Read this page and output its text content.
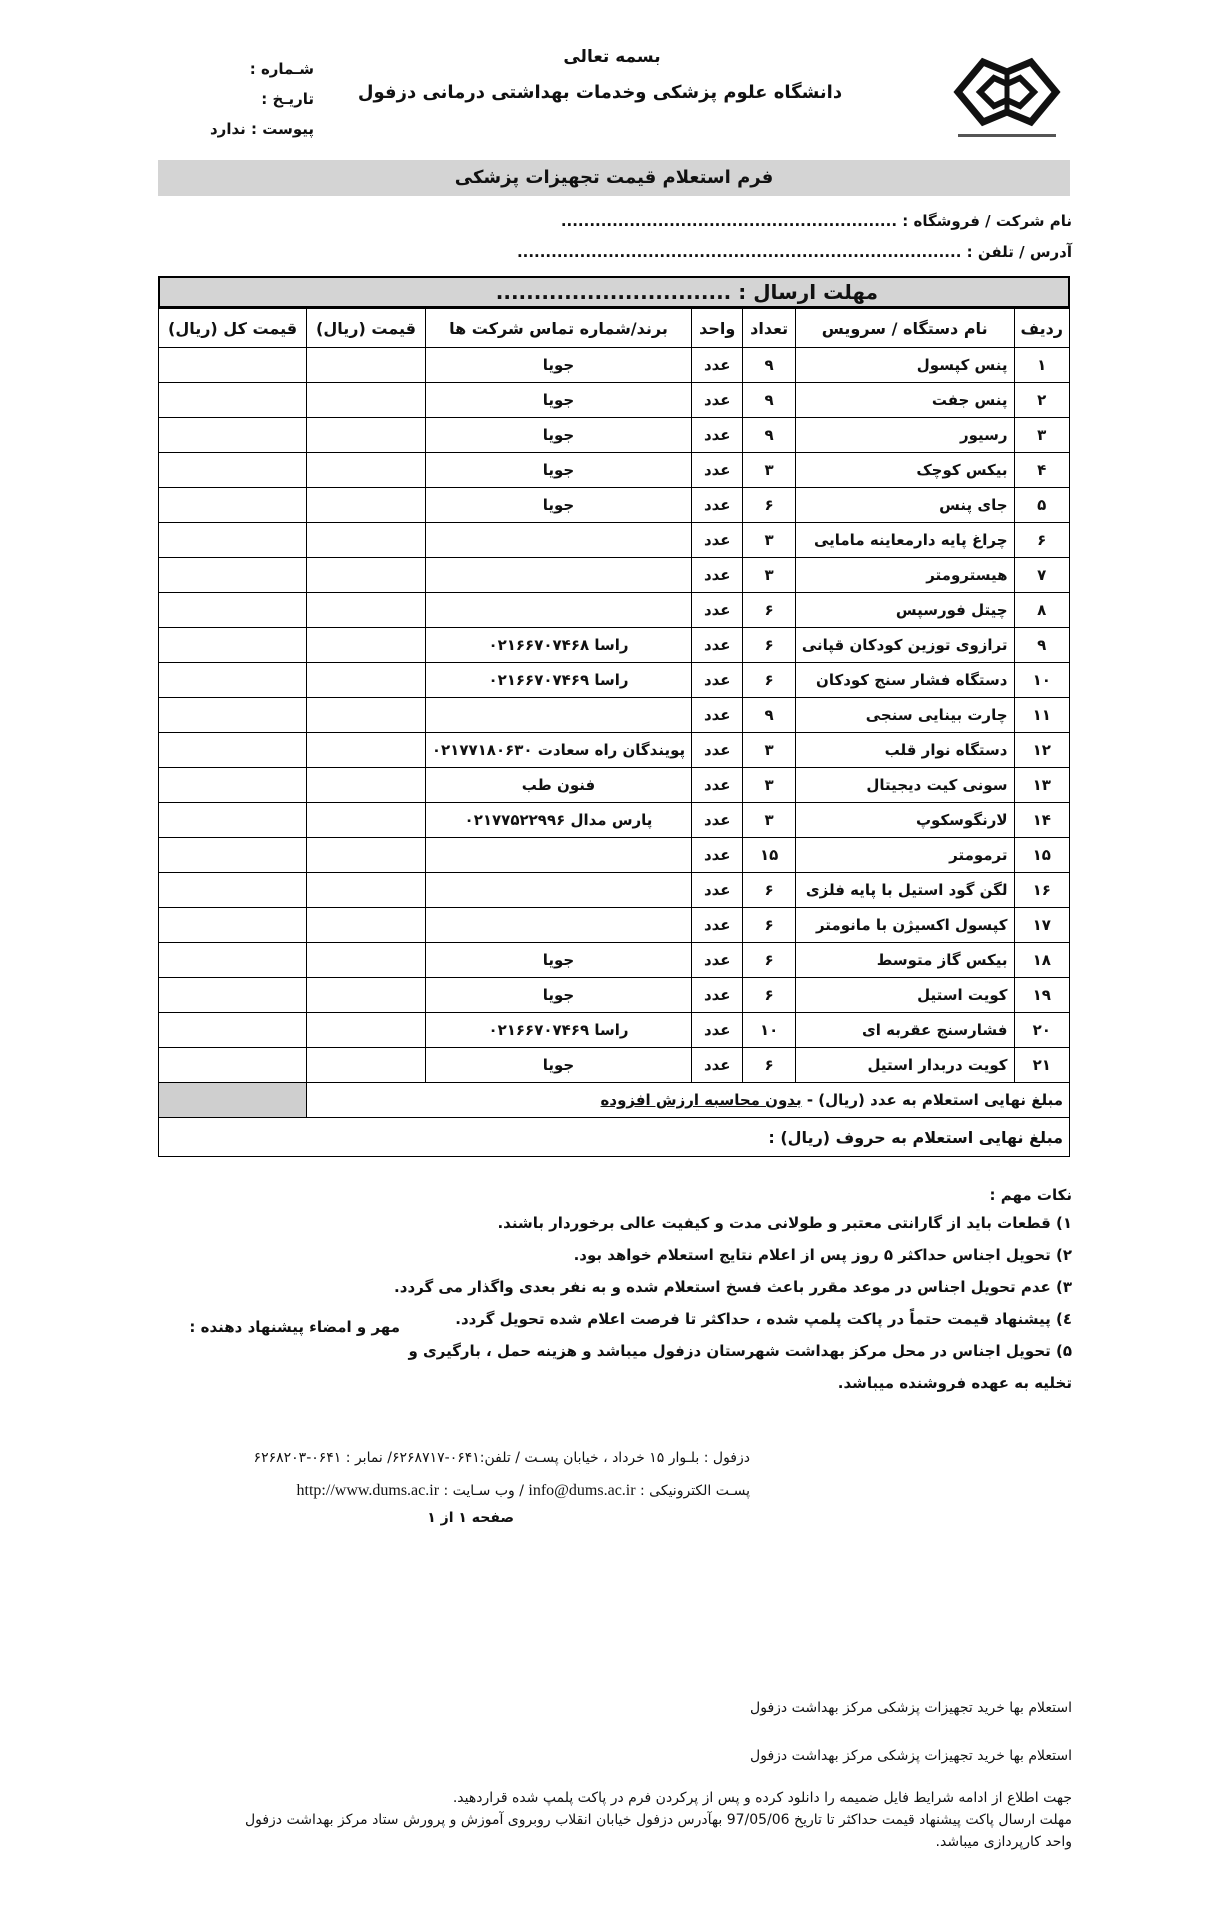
بسمه تعالی
دانشگاه علوم پزشکی وخدمات بهداشتی درمانی دزفول
شـماره :
تاریـخ :
پیوست : ندارد
فرم استعلام قیمت تجهیزات پزشکی
نام شرکت / فروشگاه : ...........................................................
آدرس / تلفن : ..............................................................................
مهلت ارسال : ...............................
ردیف	نام دستگاه / سرویس	تعداد	واحد	برند/شماره تماس شرکت ها	قیمت (ریال)	قیمت کل (ریال)
۱	پنس کپسول	۹	عدد	جویا		
۲	پنس جفت	۹	عدد	جویا		
۳	رسیور	۹	عدد	جویا		
۴	بیکس کوچک	۳	عدد	جویا		
۵	جای پنس	۶	عدد	جویا		
۶	چراغ پایه دارمعاینه مامایی	۳	عدد			
۷	هیسترومتر	۳	عدد			
۸	چیتل فورسپس	۶	عدد			
۹	ترازوی توزین کودکان قپانی	۶	عدد	راسا ۰۲۱۶۶۷۰۷۴۶۸		
۱۰	دستگاه فشار سنج کودکان	۶	عدد	راسا ۰۲۱۶۶۷۰۷۴۶۹		
۱۱	چارت بینایی سنجی	۹	عدد			
۱۲	دستگاه نوار قلب	۳	عدد	پویندگان راه سعادت ۰۲۱۷۷۱۸۰۶۳۰		
۱۳	سونی کیت دیجیتال	۳	عدد	فنون طب		
۱۴	لارنگوسکوپ	۳	عدد	پارس مدال ۰۲۱۷۷۵۲۲۹۹۶		
۱۵	ترمومتر	۱۵	عدد			
۱۶	لگن گود استیل با پایه فلزی	۶	عدد			
۱۷	کپسول اکسیژن با مانومتر	۶	عدد			
۱۸	بیکس گاز متوسط	۶	عدد	جویا		
۱۹	کویت استیل	۶	عدد	جویا		
۲۰	فشارسنج عقربه ای	۱۰	عدد	راسا ۰۲۱۶۶۷۰۷۴۶۹		
۲۱	کویت دربدار استیل	۶	عدد	جویا		
مبلغ نهایی استعلام به عدد (ریال) - بدون محاسبه ارزش افزوده						
مبلغ نهایی استعلام به حروف (ریال) :						
نکات مهم :
۱) قطعات باید از گارانتی معتبر و طولانی مدت و کیفیت عالی برخوردار باشند.
۲) تحویل اجناس حداکثر ۵ روز پس از اعلام نتایج استعلام خواهد بود.
۳) عدم تحویل اجناس در موعد مقرر باعث فسخ استعلام شده و به نفر بعدی واگذار می گردد.
٤) پیشنهاد قیمت حتماً در پاکت پلمپ شده ، حداکثر تا فرصت اعلام شده تحویل گردد.
۵) تحویل اجناس در محل مرکز بهداشت شهرستان دزفول میباشد و هزینه حمل ، بارگیری و
تخلیه به عهده فروشنده میباشد.
مهر و امضاء پیشنهاد دهنده :
دزفول : بلـوار ۱۵ خرداد ، خیابان پسـت / تلفن:۰۶۴۱-۶۲۶۸۷۱۷/ نمابر : ۰۶۴۱-۶۲۶۸۲۰۳
پسـت الکترونیکی : info@dums.ac.ir / وب سـایت : http://www.dums.ac.ir
صفحه ۱ از ۱
استعلام بها خرید تجهیزات پزشکی مرکز بهداشت دزفول
استعلام بها خرید تجهیزات پزشکی مرکز بهداشت دزفول
جهت اطلاع از ادامه شرایط فایل ضمیمه را دانلود کرده و پس از پرکردن فرم در پاکت پلمپ شده قراردهید.
مهلت ارسال پاکت پیشنهاد قیمت حداکثر تا تاریخ 97/05/06 بهآدرس دزفول خیابان انقلاب روبروی آموزش و پرورش ستاد مرکز بهداشت دزفول
واحد کارپردازی میباشد.
